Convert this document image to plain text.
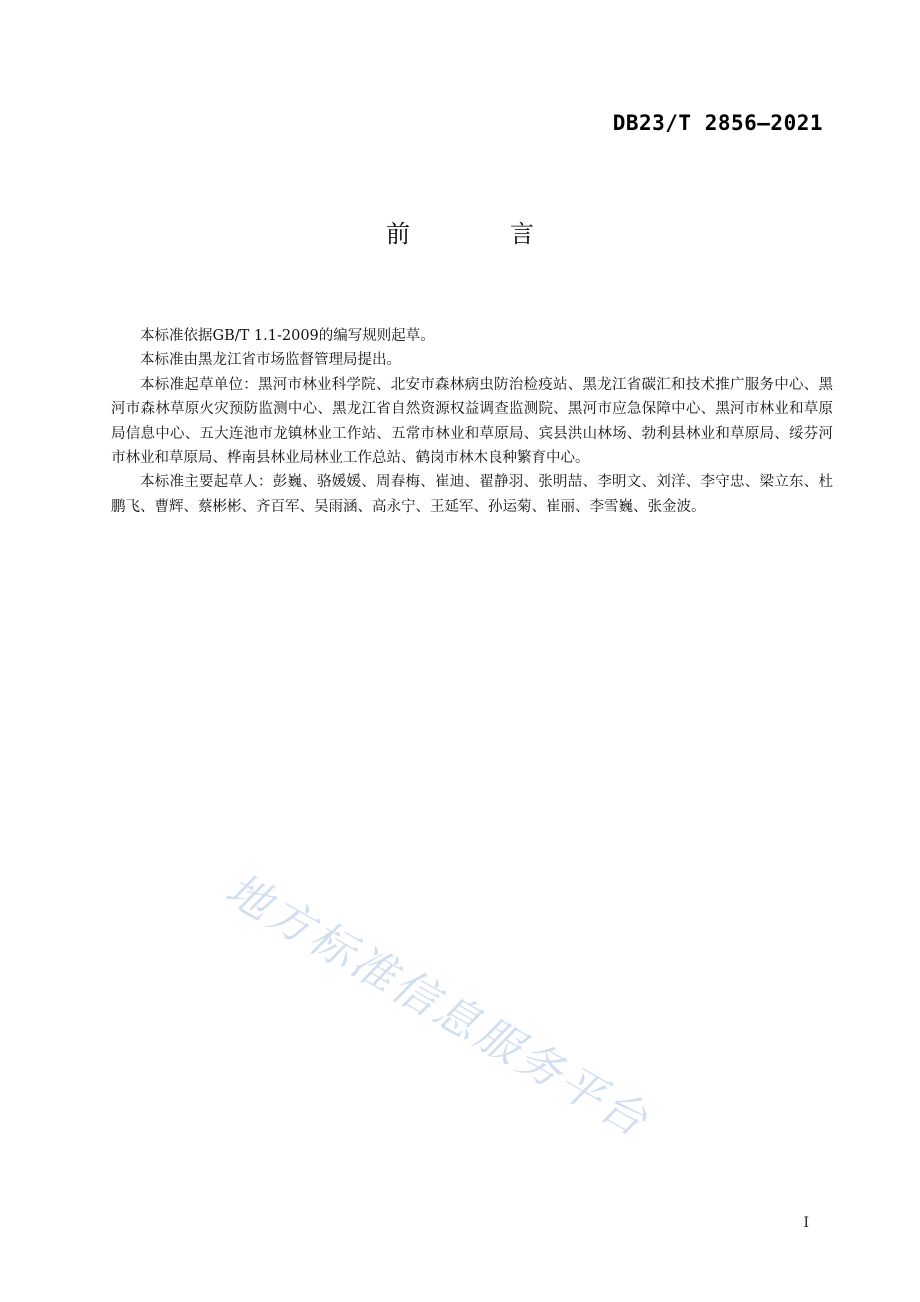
DB23/T 2856—2021
前　言

本标准依据GB/T 1.1-2009的编写规则起草。

本标准由黑龙江省市场监督管理局提出。

本标准起草单位：黑河市林业科学院、北安市森林病虫防治检疫站、黑龙江省碳汇和技术推广服务中心、黑河市森林草原火灾预防监测中心、黑龙江省自然资源权益调查监测院、黑河市应急保障中心、黑河市林业和草原局信息中心、五大连池市龙镇林业工作站、五常市林业和草原局、宾县洪山林场、勃利县林业和草原局、绥芬河市林业和草原局、桦南县林业局林业工作总站、鹤岗市林木良种繁育中心。

本标准主要起草人：彭巍、骆媛媛、周春梅、崔迪、翟静羽、张明喆、李明文、刘洋、李守忠、梁立东、杜鹏飞、曹辉、蔡彬彬、齐百军、吴雨涵、高永宁、王延军、孙运菊、崔丽、李雪巍、张金波。

地方标准信息服务平台
I
